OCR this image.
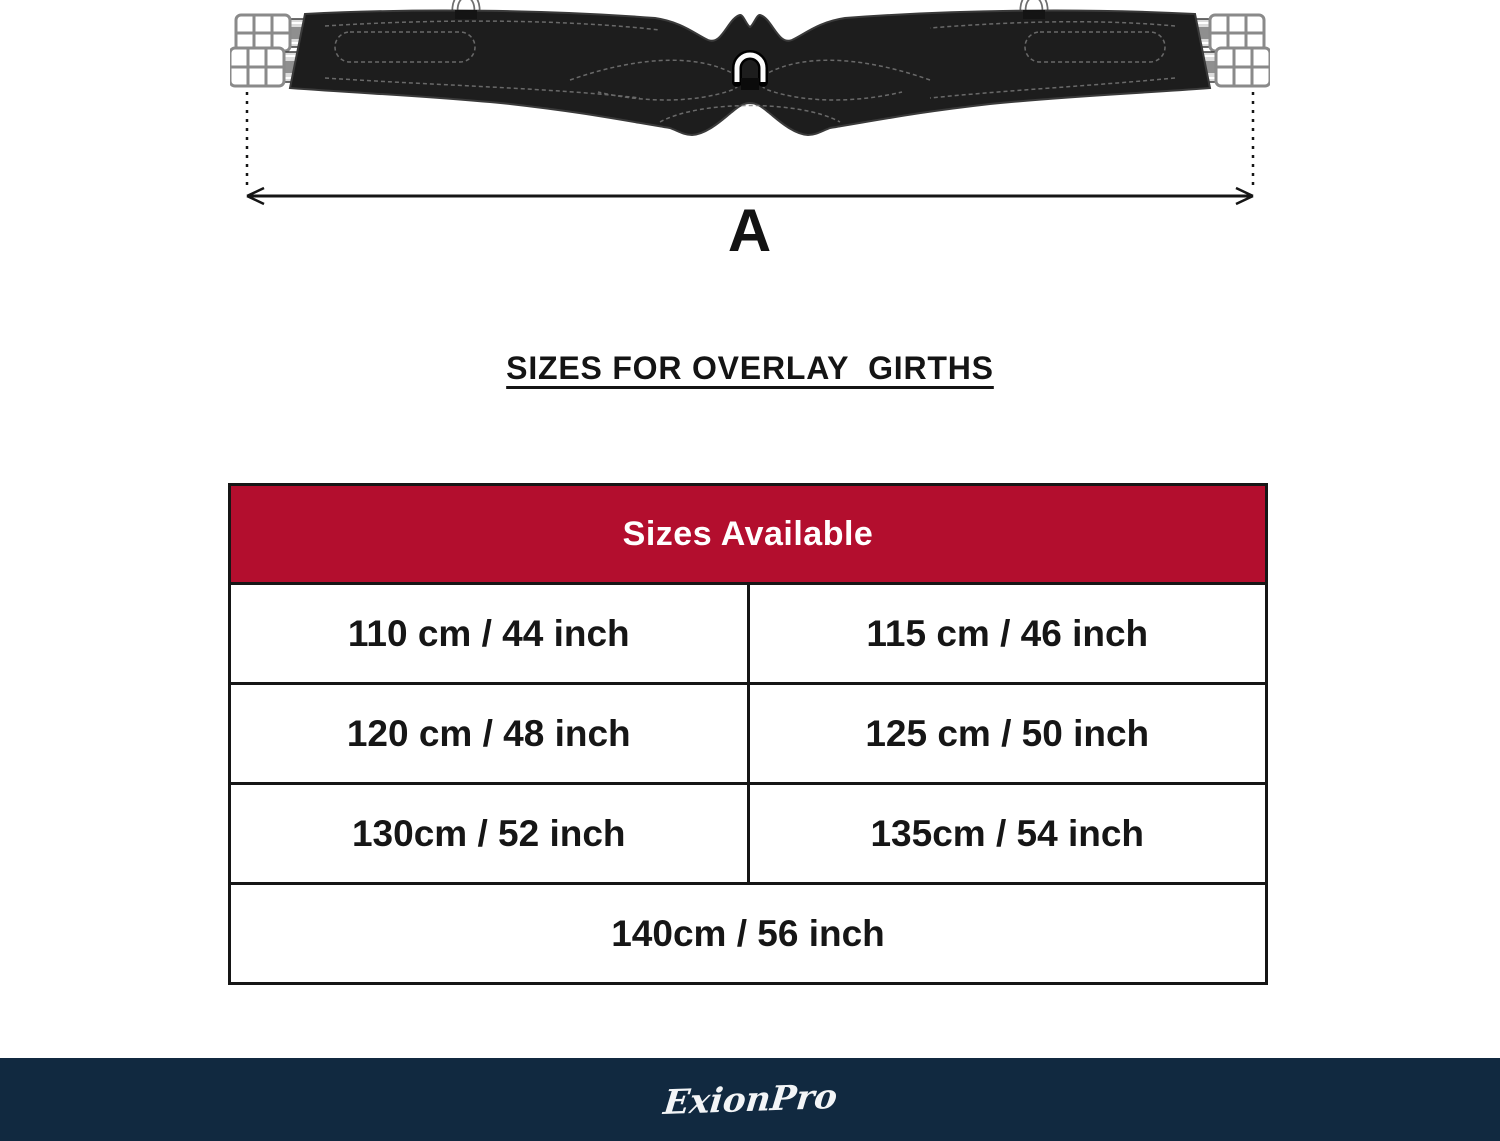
A
SIZES FOR OVERLAY  GIRTHS
Sizes Available	
110 cm / 44 inch	115 cm / 46 inch
120 cm / 48 inch	125 cm / 50 inch
130cm / 52 inch	135cm / 54 inch
140cm / 56 inch	
ExionPro
